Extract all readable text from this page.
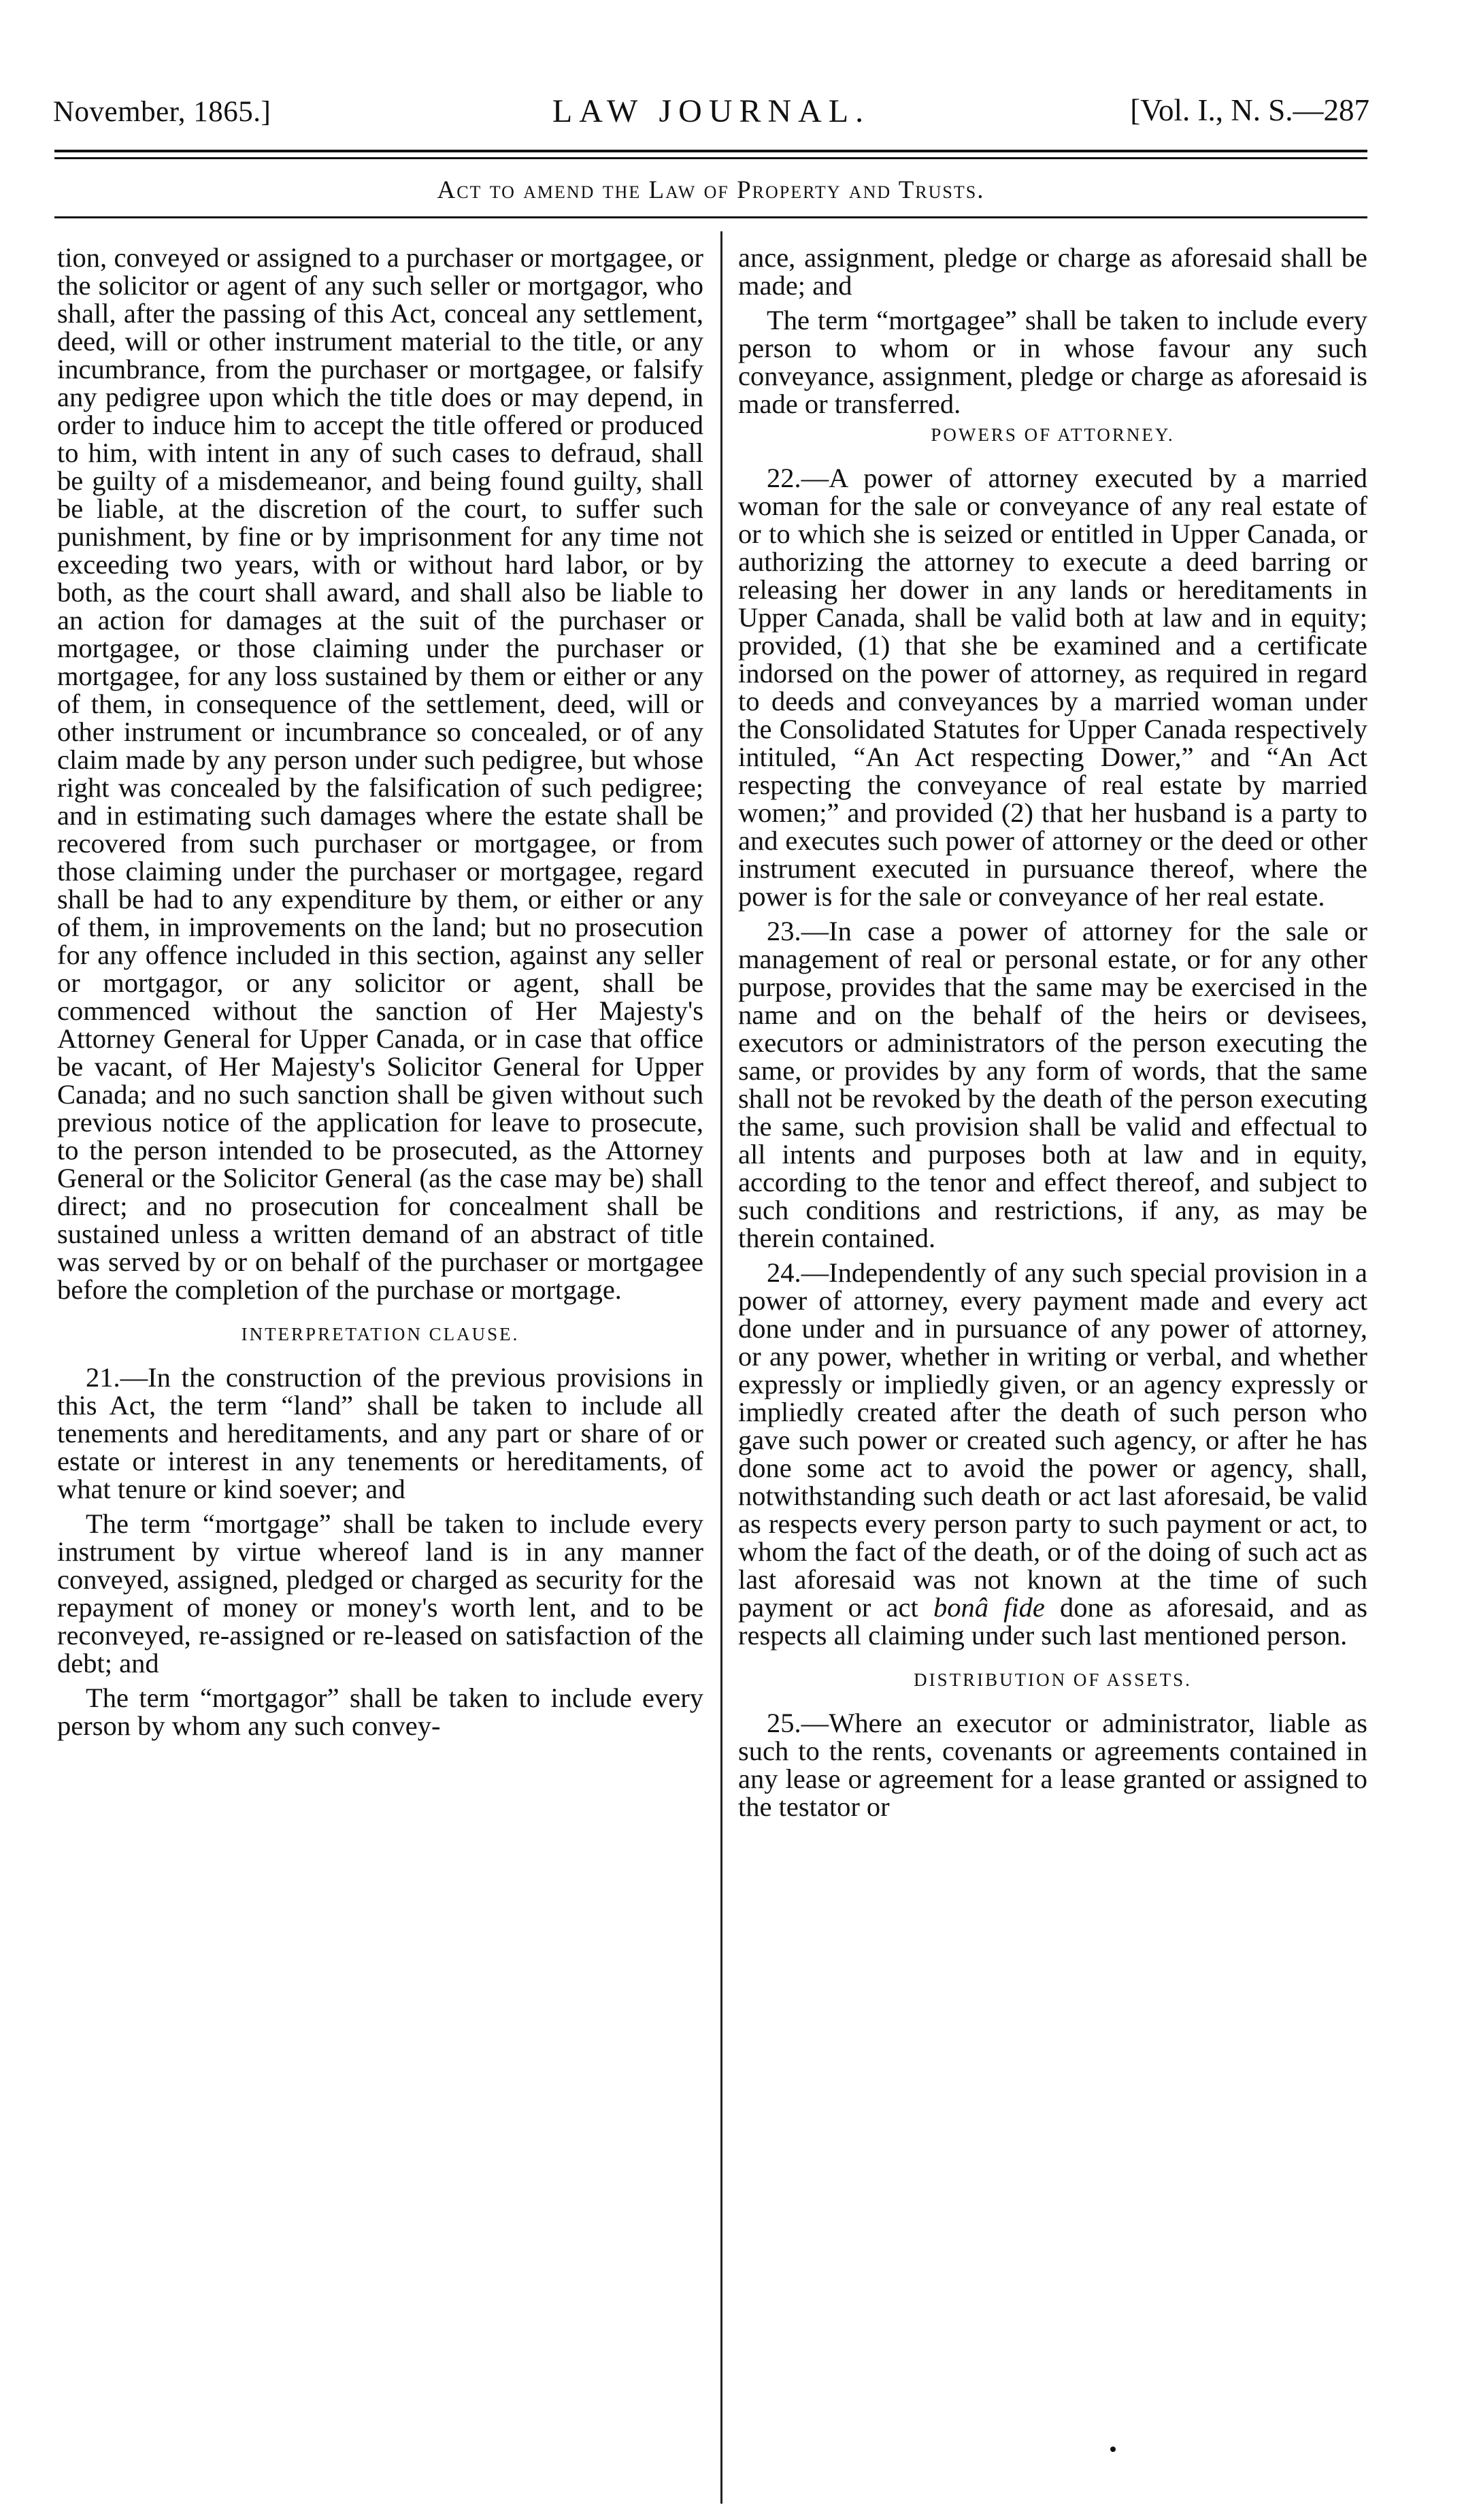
November, 1865.]	LAW JOURNAL.	[Vol. I., N. S.—287
Act to amend the Law of Property and Trusts.

tion, conveyed or assigned to a purchaser or mortgagee, or the solicitor or agent of any such seller or mortgagor, who shall, after the passing of this Act, conceal any settlement, deed, will or other instrument material to the title, or any incumbrance, from the purchaser or mortgagee, or falsify any pedigree upon which the title does or may depend, in order to induce him to accept the title offered or produced to him, with intent in any of such cases to defraud, shall be guilty of a misdemeanor, and being found guilty, shall be liable, at the discretion of the court, to suffer such punishment, by fine or by imprisonment for any time not exceeding two years, with or without hard labor, or by both, as the court shall award, and shall also be liable to an action for damages at the suit of the purchaser or mortgagee, or those claiming under the purchaser or mortgagee, for any loss sustained by them or either or any of them, in consequence of the settlement, deed, will or other instrument or incumbrance so concealed, or of any claim made by any person under such pedigree, but whose right was concealed by the falsification of such pedigree; and in estimating such damages where the estate shall be recovered from such purchaser or mortgagee, or from those claiming under the purchaser or mortgagee, regard shall be had to any expenditure by them, or either or any of them, in improvements on the land; but no prosecution for any offence included in this section, against any seller or mortgagor, or any solicitor or agent, shall be commenced without the sanction of Her Majesty's Attorney General for Upper Canada, or in case that office be vacant, of Her Majesty's Solicitor General for Upper Canada; and no such sanction shall be given without such previous notice of the application for leave to prosecute, to the person intended to be prosecuted, as the Attorney General or the Solicitor General (as the case may be) shall direct; and no prosecution for concealment shall be sustained unless a written demand of an abstract of title was served by or on behalf of the purchaser or mortgagee before the completion of the purchase or mortgage.

INTERPRETATION CLAUSE.

21.—In the construction of the previous provisions in this Act, the term “land” shall be taken to include all tenements and hereditaments, and any part or share of or estate or interest in any tenements or hereditaments, of what tenure or kind soever; and

The term “mortgage” shall be taken to include every instrument by virtue whereof land is in any manner conveyed, assigned, pledged or charged as security for the repayment of money or money's worth lent, and to be reconveyed, re-assigned or re-leased on satisfaction of the debt; and

The term “mortgagor” shall be taken to include every person by whom any such convey-

ance, assignment, pledge or charge as aforesaid shall be made; and

The term “mortgagee” shall be taken to include every person to whom or in whose favour any such conveyance, assignment, pledge or charge as aforesaid is made or transferred.

POWERS OF ATTORNEY.

22.—A power of attorney executed by a married woman for the sale or conveyance of any real estate of or to which she is seized or entitled in Upper Canada, or authorizing the attorney to execute a deed barring or releasing her dower in any lands or hereditaments in Upper Canada, shall be valid both at law and in equity; provided, (1) that she be examined and a certificate indorsed on the power of attorney, as required in regard to deeds and conveyances by a married woman under the Consolidated Statutes for Upper Canada respectively intituled, “An Act respecting Dower,” and “An Act respecting the conveyance of real estate by married women;” and provided (2) that her husband is a party to and executes such power of attorney or the deed or other instrument executed in pursuance thereof, where the power is for the sale or conveyance of her real estate.

23.—In case a power of attorney for the sale or management of real or personal estate, or for any other purpose, provides that the same may be exercised in the name and on the behalf of the heirs or devisees, executors or administrators of the person executing the same, or provides by any form of words, that the same shall not be revoked by the death of the person executing the same, such provision shall be valid and effectual to all intents and purposes both at law and in equity, according to the tenor and effect thereof, and subject to such conditions and restrictions, if any, as may be therein contained.

24.—Independently of any such special provision in a power of attorney, every payment made and every act done under and in pursuance of any power of attorney, or any power, whether in writing or verbal, and whether expressly or impliedly given, or an agency expressly or impliedly created after the death of such person who gave such power or created such agency, or after he has done some act to avoid the power or agency, shall, notwithstanding such death or act last aforesaid, be valid as respects every person party to such payment or act, to whom the fact of the death, or of the doing of such act as last aforesaid was not known at the time of such payment or act bonâ fide done as aforesaid, and as respects all claiming under such last mentioned person.

DISTRIBUTION OF ASSETS.

25.—Where an executor or administrator, liable as such to the rents, covenants or agreements contained in any lease or agreement for a lease granted or assigned to the testator or
